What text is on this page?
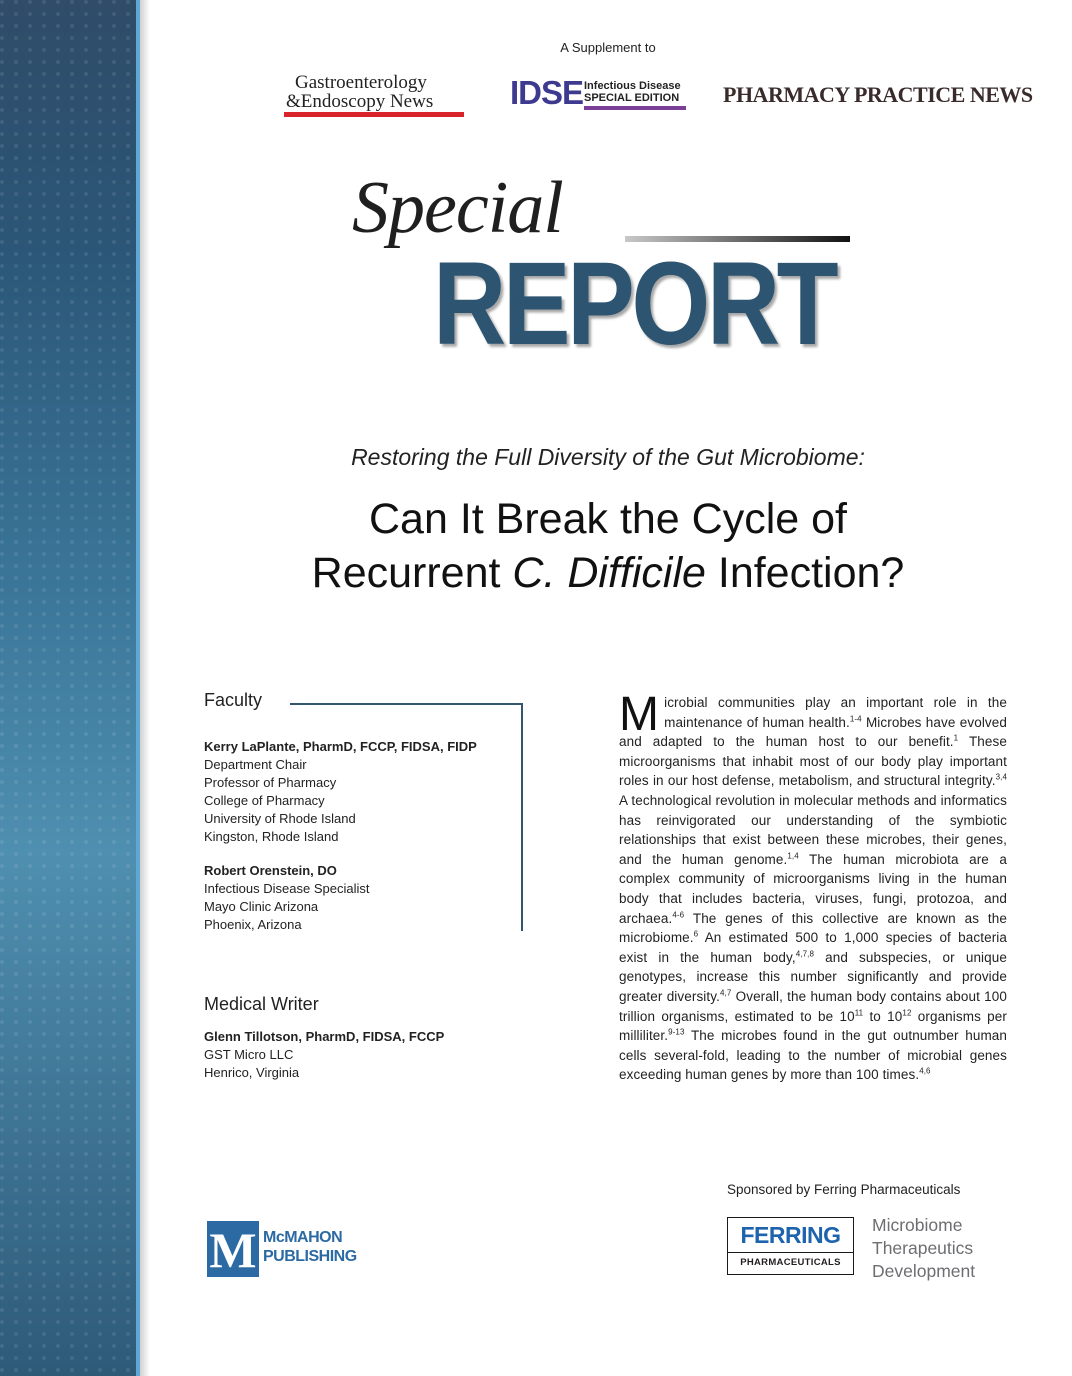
A Supplement to
Gastroenterology
&Endoscopy News IDSE Infectious Disease
SPECIAL EDITION PHARMACY PRACTICE NEWS
Special
REPORT
Restoring the Full Diversity of the Gut Microbiome:
Can It Break the Cycle of
Recurrent C. Difficile Infection?
Faculty
Kerry LaPlante, PharmD, FCCP, FIDSA, FIDP
Department Chair
Professor of Pharmacy
College of Pharmacy
University of Rhode Island
Kingston, Rhode Island
Robert Orenstein, DO
Infectious Disease Specialist
Mayo Clinic Arizona
Phoenix, Arizona
Medical Writer
Glenn Tillotson, PharmD, FIDSA, FCCP
GST Micro LLC
Henrico, Virginia
Microbial communities play an important role in the maintenance of human health.$^{1-4}$ Microbes have evolved and adapted to the human host to our benefit.$^1$ These microorganisms that inhabit most of our body play important roles in our host defense, metabolism, and structural integrity.$^{3,4}$ A technological revolution in molecular methods and informatics has reinvigorated our understanding of the symbiotic relationships that exist between these microbes, their genes, and the human genome.$^{1,4}$ The human microbiota are a complex community of microorganisms living in the human body that includes bacteria, viruses, fungi, protozoa, and archaea.$^{4-6}$ The genes of this collective are known as the microbiome.$^6$ An estimated 500 to 1,000 species of bacteria exist in the human body,$^{4,7,8}$ and subspecies, or unique genotypes, increase this number significantly and provide greater diversity.$^{4,7}$ Overall, the human body contains about 100 trillion organisms, estimated to be $10^{11}$ to $10^{12}$ organisms per milliliter.$^{9-13}$ The microbes found in the gut outnumber human cells several-fold, leading to the number of microbial genes exceeding human genes by more than 100 times.$^{4,6}$
Sponsored by Ferring Pharmaceuticals
FERRING
PHARMACEUTICALS
Microbiome
Therapeutics
Development
M McMAHON
PUBLISHING
